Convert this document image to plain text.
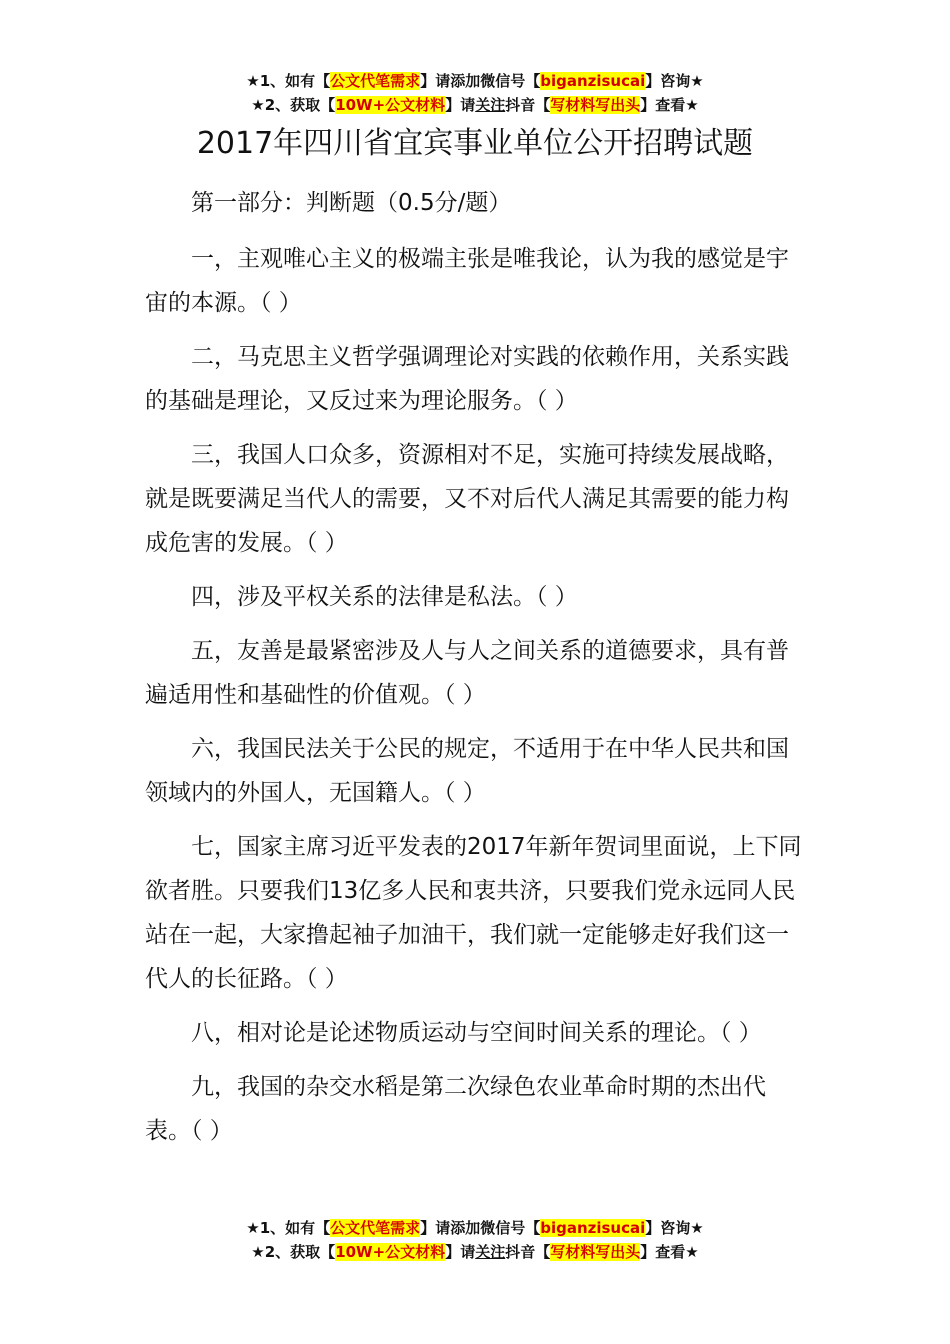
★1、如有【公文代笔需求】请添加微信号【biganzisucai】咨询★
★2、获取【10W+公文材料】请关注抖音【写材料写出头】查看★
2017年四川省宜宾事业单位公开招聘试题

第一部分：判断题（0.5分/题）

一，主观唯心主义的极端主张是唯我论，认为我的感觉是宇宙的本源。（ ）

二，马克思主义哲学强调理论对实践的依赖作用，关系实践的基础是理论，又反过来为理论服务。（ ）

三，我国人口众多，资源相对不足，实施可持续发展战略，就是既要满足当代人的需要，又不对后代人满足其需要的能力构成危害的发展。（ ）

四，涉及平权关系的法律是私法。（ ）

五，友善是最紧密涉及人与人之间关系的道德要求，具有普遍适用性和基础性的价值观。（ ）

六，我国民法关于公民的规定，不适用于在中华人民共和国领域内的外国人，无国籍人。（ ）

七，国家主席习近平发表的2017年新年贺词里面说，上下同欲者胜。只要我们13亿多人民和衷共济，只要我们党永远同人民站在一起，大家撸起袖子加油干，我们就一定能够走好我们这一代人的长征路。（ ）

八，相对论是论述物质运动与空间时间关系的理论。（ ）

九，我国的杂交水稻是第二次绿色农业革命时期的杰出代表。（ ）

★1、如有【公文代笔需求】请添加微信号【biganzisucai】咨询★
★2、获取【10W+公文材料】请关注抖音【写材料写出头】查看★
